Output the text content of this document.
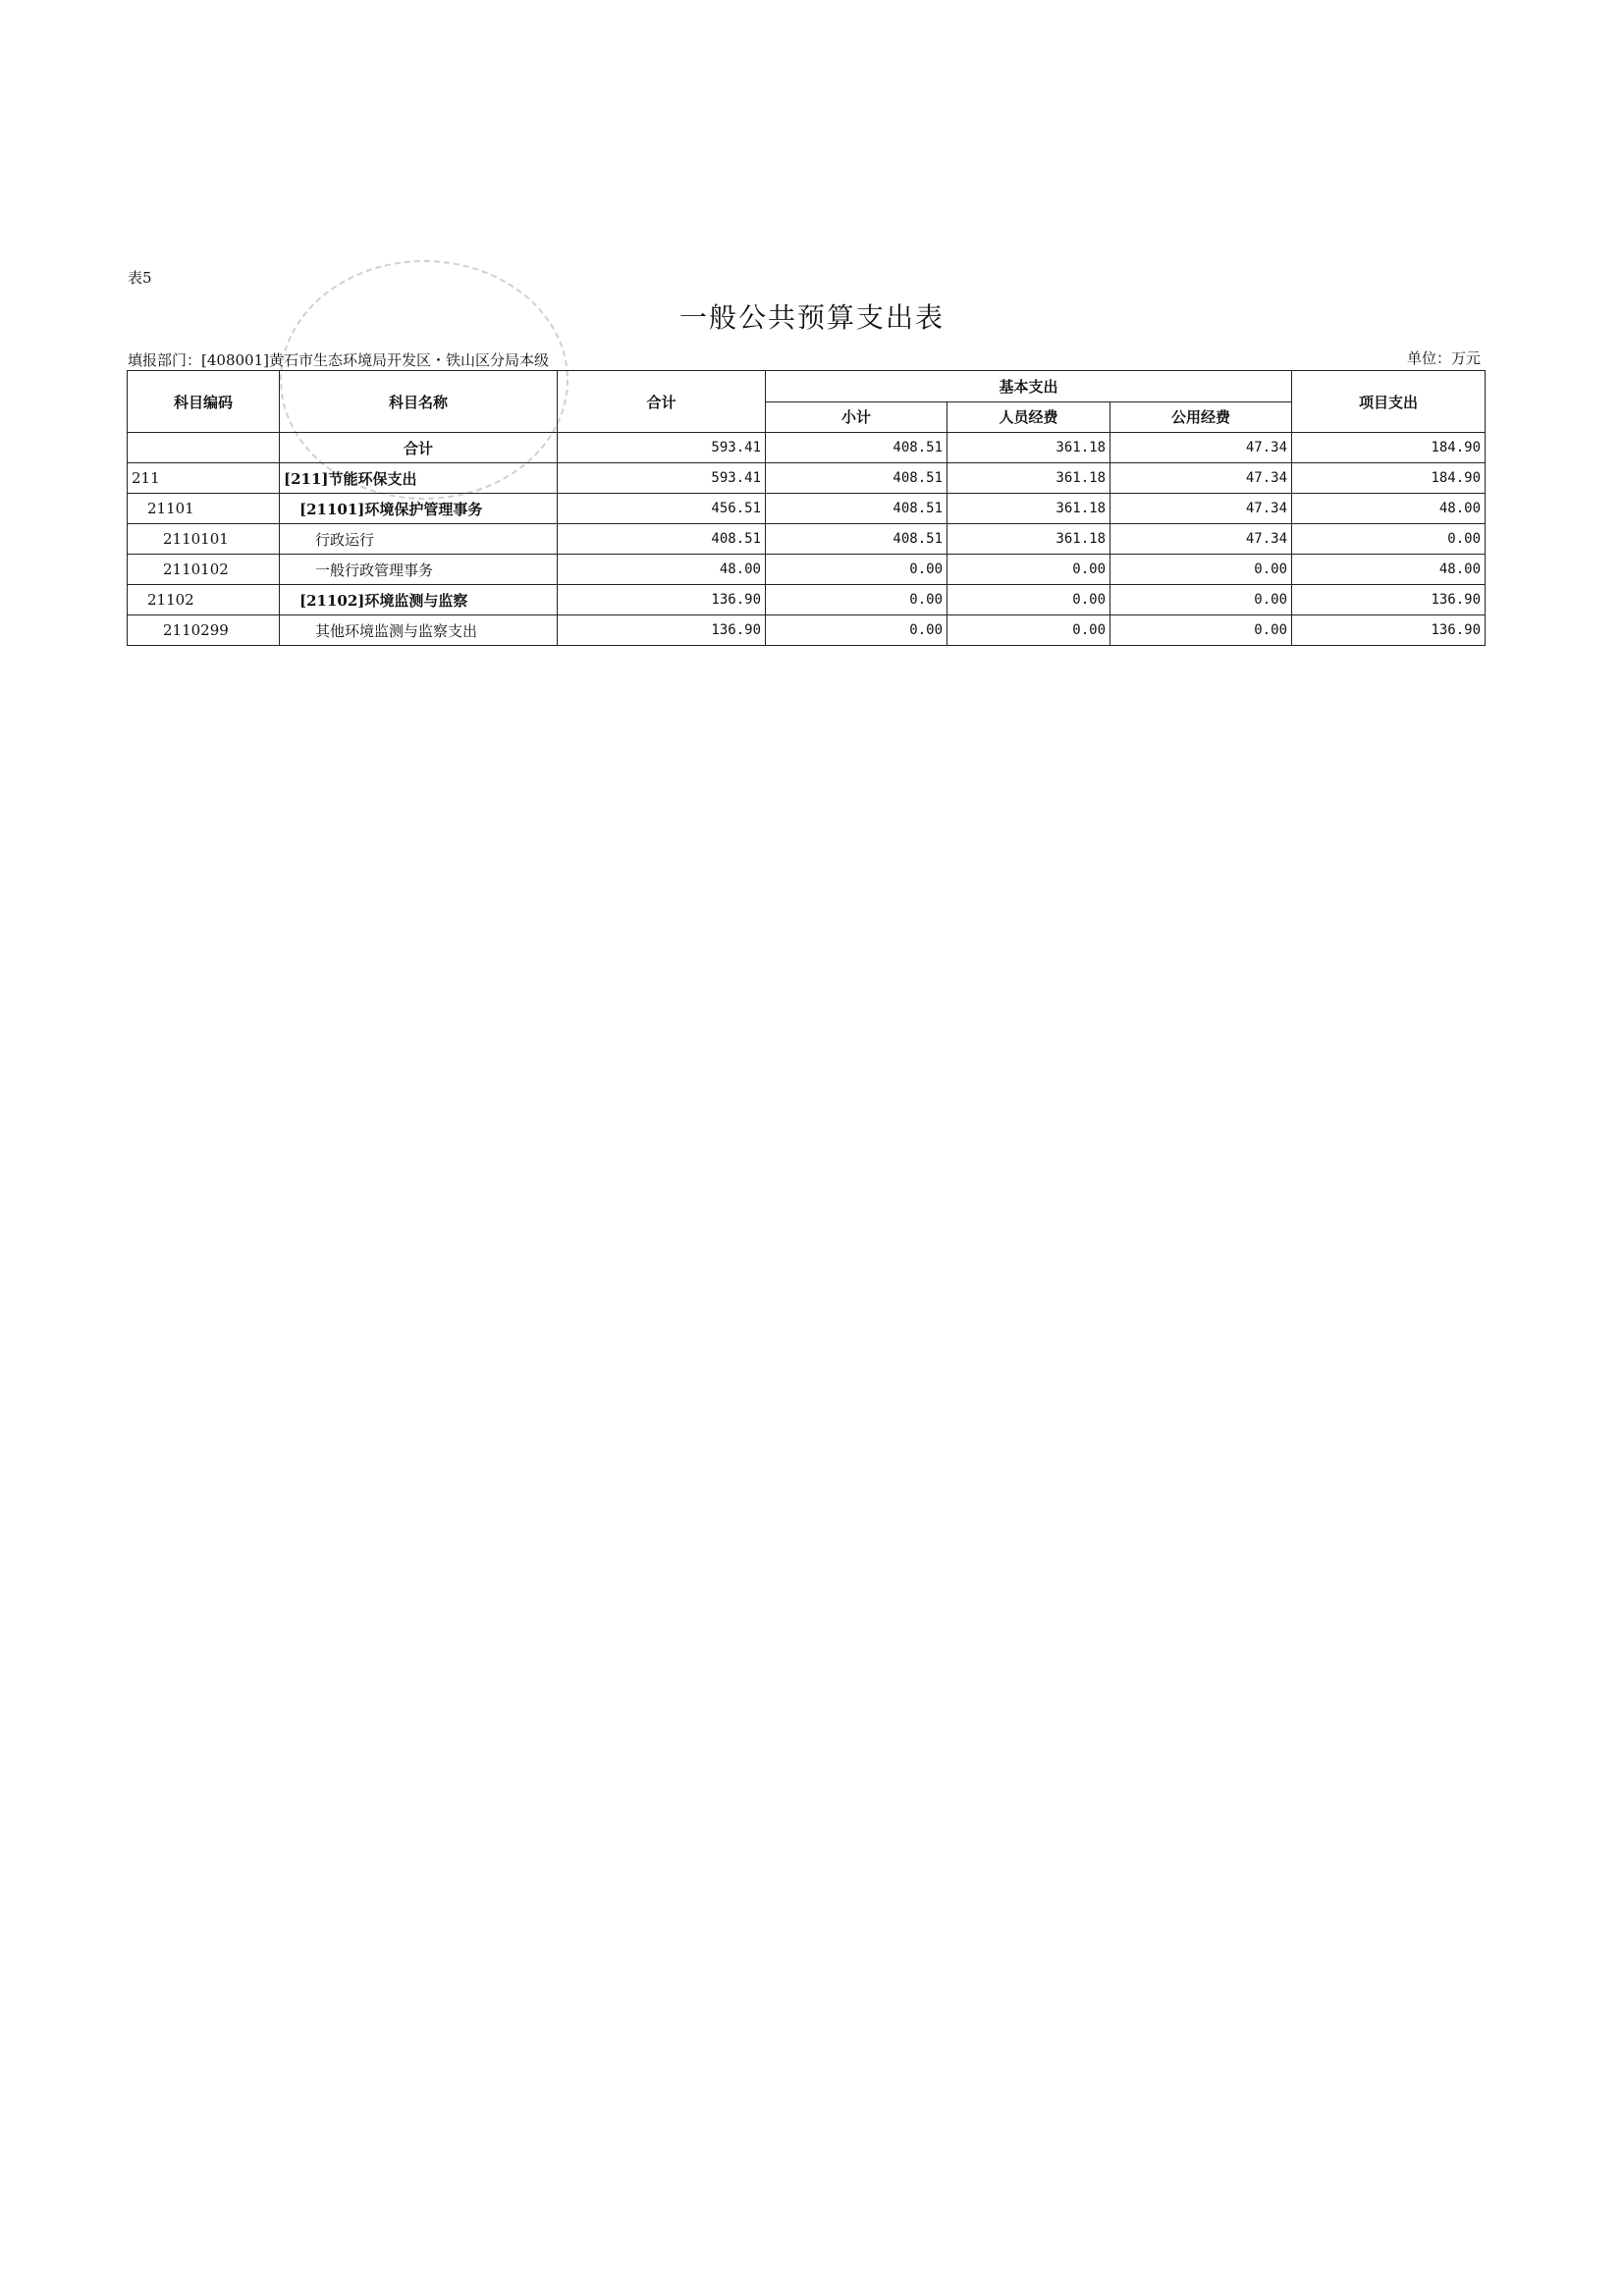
表5
一般公共预算支出表
填报部门：[408001]黄石市生态环境局开发区・铁山区分局本级	单位：万元
科目编码	科目名称	合计	基本支出			项目支出
			小计	人员经费	公用经费	
	合计	593.41	408.51	361.18	47.34	184.90
211	[211]节能环保支出	593.41	408.51	361.18	47.34	184.90
21101	[21101]环境保护管理事务	456.51	408.51	361.18	47.34	48.00
2110101	行政运行	408.51	408.51	361.18	47.34	0.00
2110102	一般行政管理事务	48.00	0.00	0.00	0.00	48.00
21102	[21102]环境监测与监察	136.90	0.00	0.00	0.00	136.90
2110299	其他环境监测与监察支出	136.90	0.00	0.00	0.00	136.90
